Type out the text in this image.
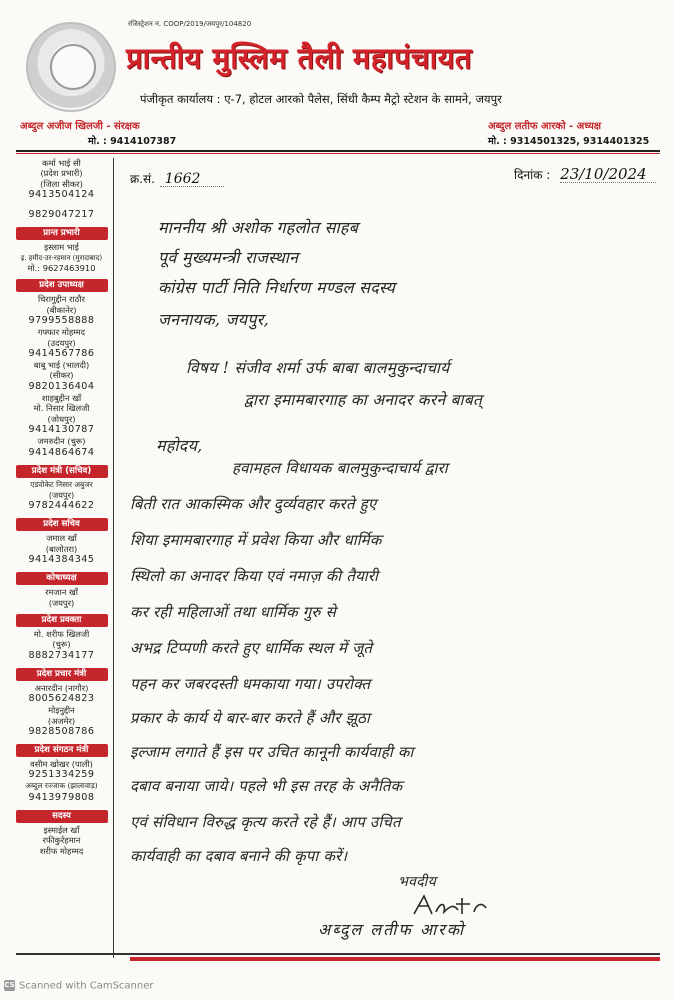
रजिस्ट्रेशन न. COOP/2019/जयपुर/104820
प्रान्तीय मुस्लिम तैली महापंचायत
पंजीकृत कार्यालय : ए-7, होटल आरको पैलेस, सिंधी कैम्प मैट्रो स्टेशन के सामने, जयपुर
अब्दुल अजीज खिलजी - संरक्षक
मो. : 9414107387
अब्दुल लतीफ आरको - अध्यक्ष
मो. : 9314501325, 9314401325
कर्मा भाई सी
(प्रदेश प्रभारी)
(जिला सीकर)
9413504124
9829047217
प्रान्त प्रभारी
इस्लाम भाई
इ. हमीद-उर-रहमान (मुरादाबाद)
मो.: 9627463910
प्रदेश उपाध्यक्ष
चिरागुद्दीन राठौर
(बीकानेर)
9799558888
गफ्फार मोहम्मद
(उदयपुर)
9414567786
बाबू भाई (भालदी)
(सीकर)
9820136404
शाहबुद्दीन खाँ
मो. निसार खिलजी
(जोधपुर)
9414130787
जमरुदीन (चुरू)
9414864674
प्रदेश मंत्री (सचिव)
एडवोकेट निसार अबुजर
(जयपुर)
9782444622
प्रदेश सचिव
जमाल खाँ
(बालोतरा)
9414384345
कोषाध्यक्ष
रमजान खाँ
(जयपुर)
प्रदेश प्रवक्ता
मो. शरीफ खिलजी
(चुरू)
8882734177
प्रदेश प्रचार मंत्री
अनारदीन (नागौर)
8005624823
मोइनुद्दीन
(अजमेर)
9828508786
प्रदेश संगठन मंत्री
वसीम खोखर (पाली)
9251334259
अब्दुल रज्जाक (झालावाड़)
9413979808
सदस्य
इस्माईल खाँ
रफीकुर्रहमान
शरीफ मोहम्मद
क्र.सं. 1662	दिनांक : 23/10/2024
माननीय श्री अशोक गहलोत साहब
पूर्व मुख्यमन्त्री राजस्थान
कांग्रेस पार्टी निति निर्धारण मण्डल सदस्य
जननायक, जयपुर,
विषय ! संजीव शर्मा उर्फ बाबा बालमुकुन्दाचार्य
द्वारा इमामबारगाह का अनादर करने बाबत्
महोदय,
हवामहल विधायक बालमुकुन्दाचार्य द्वारा
बिती रात आकस्मिक और दुर्व्यवहार करते हुए
शिया इमामबारगाह में प्रवेश किया और धार्मिक
स्थिलो का अनादर किया एवं नमाज़ की तैयारी
कर रही महिलाओं तथा धार्मिक गुरु से
अभद्र टिप्पणी करते हुए धार्मिक स्थल में जूते
पहन कर जबरदस्ती धमकाया गया। उपरोक्त
प्रकार के कार्य ये बार-बार करते हैं और झूठा
इल्जाम लगाते हैं इस पर उचित कानूनी कार्यवाही का
दबाव बनाया जाये। पहले भी इस तरह के अनैतिक
एवं संविधान विरुद्ध कृत्य करते रहे हैं। आप उचित
कार्यवाही का दबाव बनाने की कृपा करें।
भवदीय
अब्दुल लतीफ आरको
CS Scanned with CamScanner
